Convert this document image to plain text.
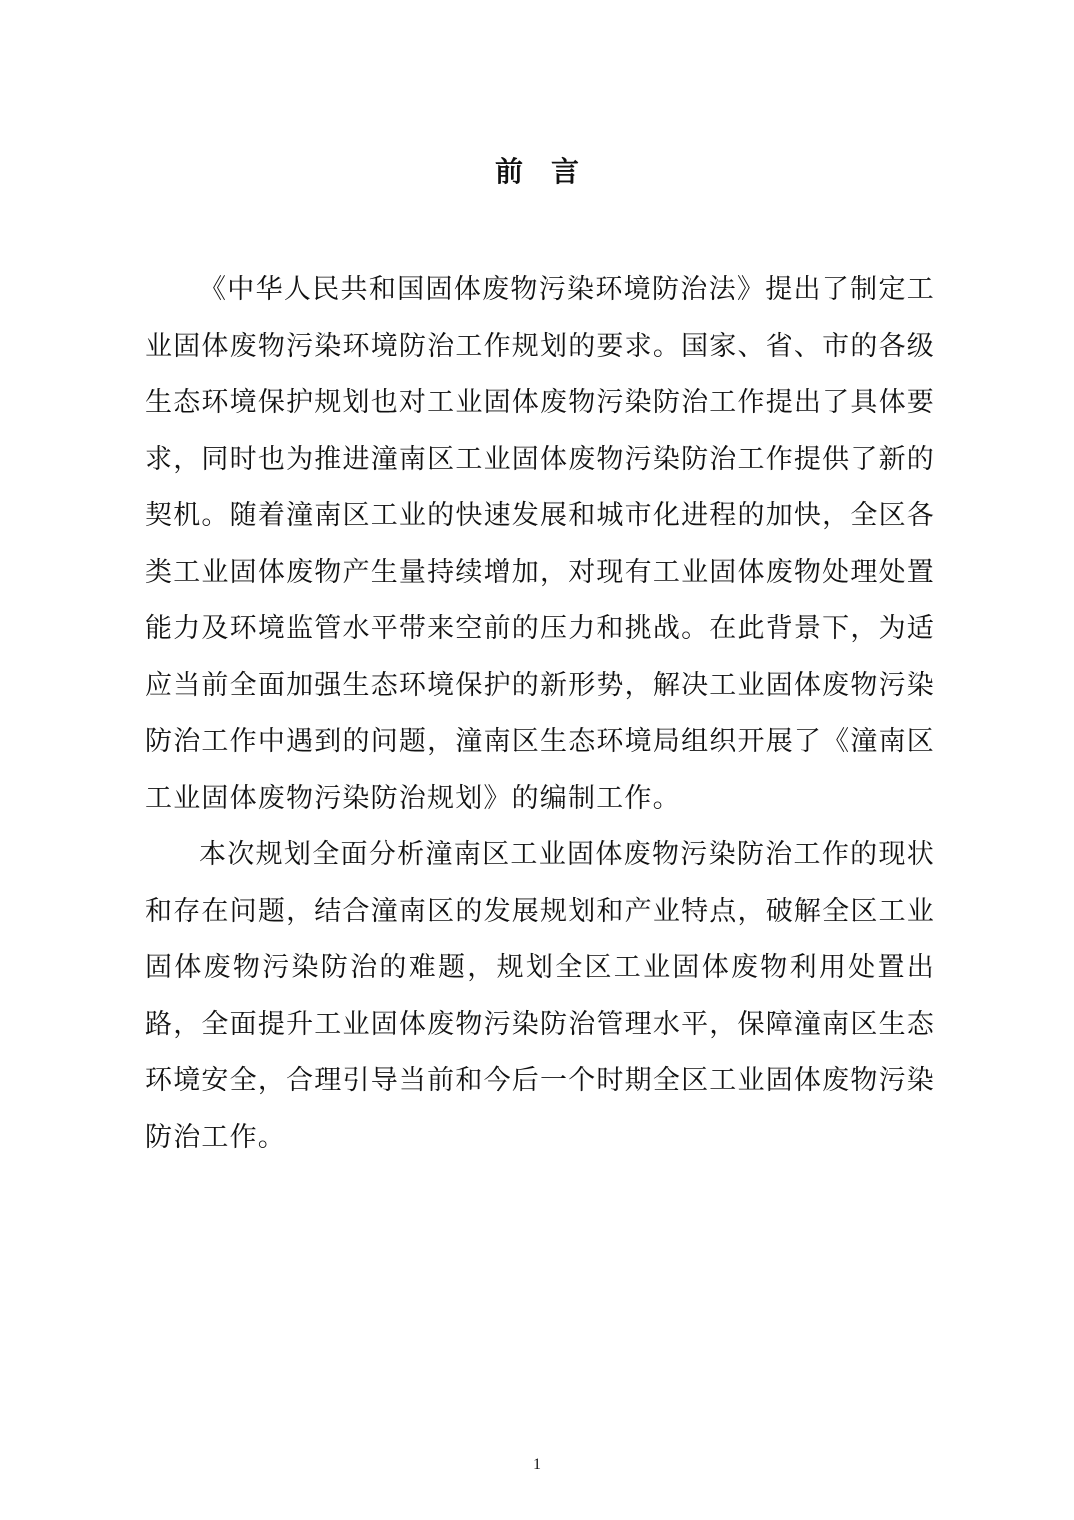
前 言

《中华人民共和国固体废物污染环境防治法》提出了制定工业固体废物污染环境防治工作规划的要求。国家、省、市的各级生态环境保护规划也对工业固体废物污染防治工作提出了具体要求，同时也为推进潼南区工业固体废物污染防治工作提供了新的契机。随着潼南区工业的快速发展和城市化进程的加快，全区各类工业固体废物产生量持续增加，对现有工业固体废物处理处置能力及环境监管水平带来空前的压力和挑战。在此背景下，为适应当前全面加强生态环境保护的新形势，解决工业固体废物污染防治工作中遇到的问题，潼南区生态环境局组织开展了《潼南区工业固体废物污染防治规划》的编制工作。

本次规划全面分析潼南区工业固体废物污染防治工作的现状和存在问题，结合潼南区的发展规划和产业特点，破解全区工业固体废物污染防治的难题，规划全区工业固体废物利用处置出路，全面提升工业固体废物污染防治管理水平，保障潼南区生态环境安全，合理引导当前和今后一个时期全区工业固体废物污染防治工作。

1
